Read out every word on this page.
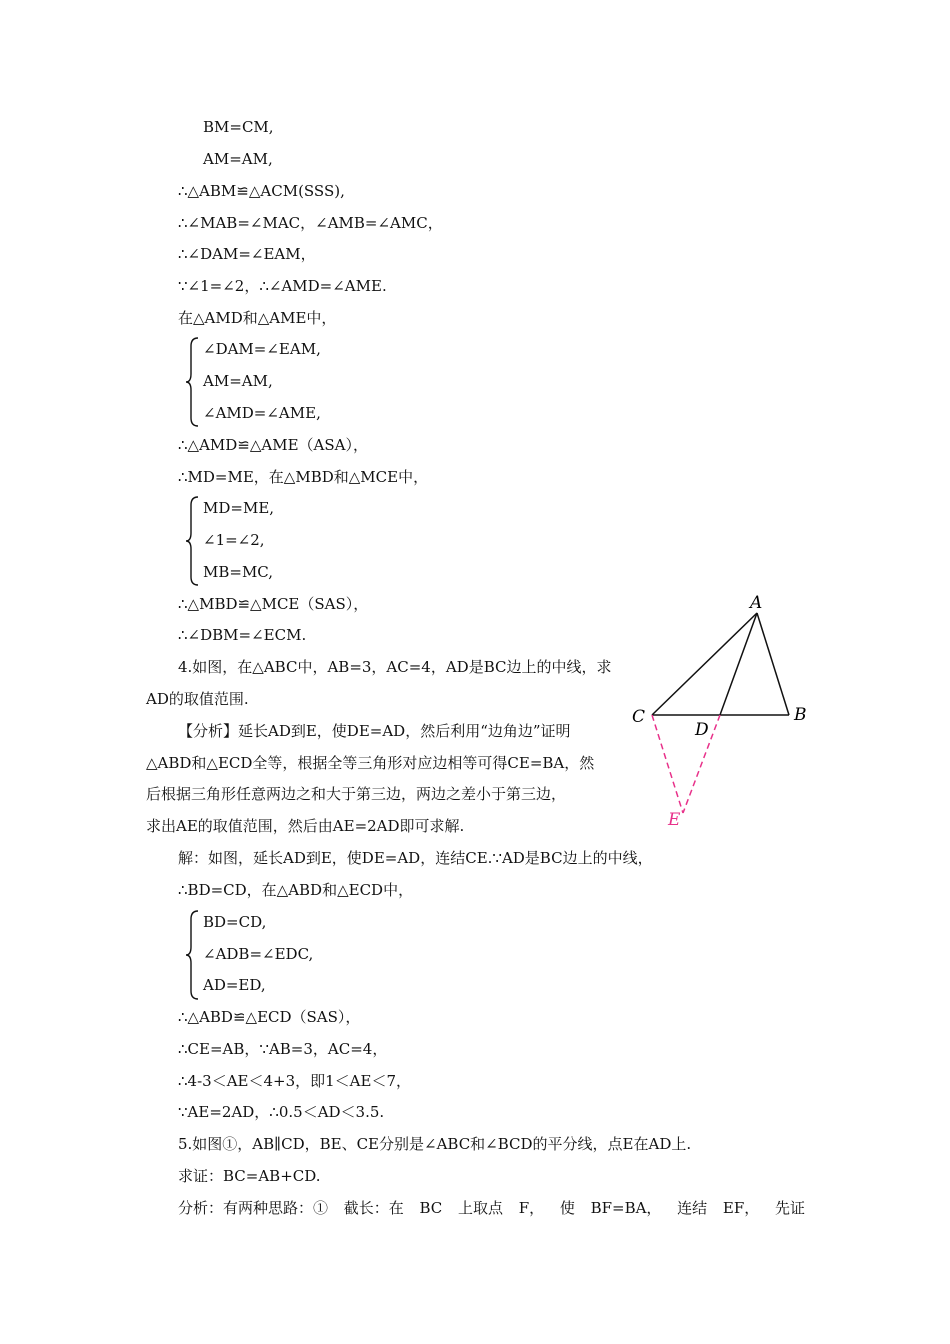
BM=CM,
AM=AM,
∴△ABM≌△ACM(SSS),
∴∠MAB=∠MAC，∠AMB=∠AMC，
∴∠DAM=∠EAM，
∵∠1=∠2，∴∠AMD=∠AME.
在△AMD和△AME中，
∠DAM=∠EAM,
AM=AM,
∠AMD=∠AME,
∴△AMD≌△AME（ASA），
∴MD=ME，在△MBD和△MCE中，
MD=ME,
∠1=∠2,
MB=MC,
∴△MBD≌△MCE（SAS），
∴∠DBM=∠ECM.
4.如图，在△ABC中，AB=3，AC=4，AD是BC边上的中线，求
AD的取值范围.
【分析】延长AD到E，使DE=AD，然后利用“边角边”证明
△ABD和△ECD全等，根据全等三角形对应边相等可得CE=BA，然
后根据三角形任意两边之和大于第三边，两边之差小于第三边，
求出AE的取值范围，然后由AE=2AD即可求解.
解：如图，延长AD到E，使DE=AD，连结CE.∵AD是BC边上的中线，
∴BD=CD，在△ABD和△ECD中，
BD=CD,
∠ADB=∠EDC,
AD=ED,
∴△ABD≌△ECD（SAS），
∴CE=AB，∵AB=3，AC=4，
∴4-3＜AE＜4+3，即1＜AE＜7，
∵AE=2AD，∴0.5＜AD＜3.5.
5.如图①，AB∥CD，BE、CE分别是∠ABC和∠BCD的平分线，点E在AD上.
求证：BC=AB+CD.
分析：有两种思路：① 截长：在 BC 上取点 F， 使 BF=BA， 连结 EF， 先证
A
B
C
D
E
